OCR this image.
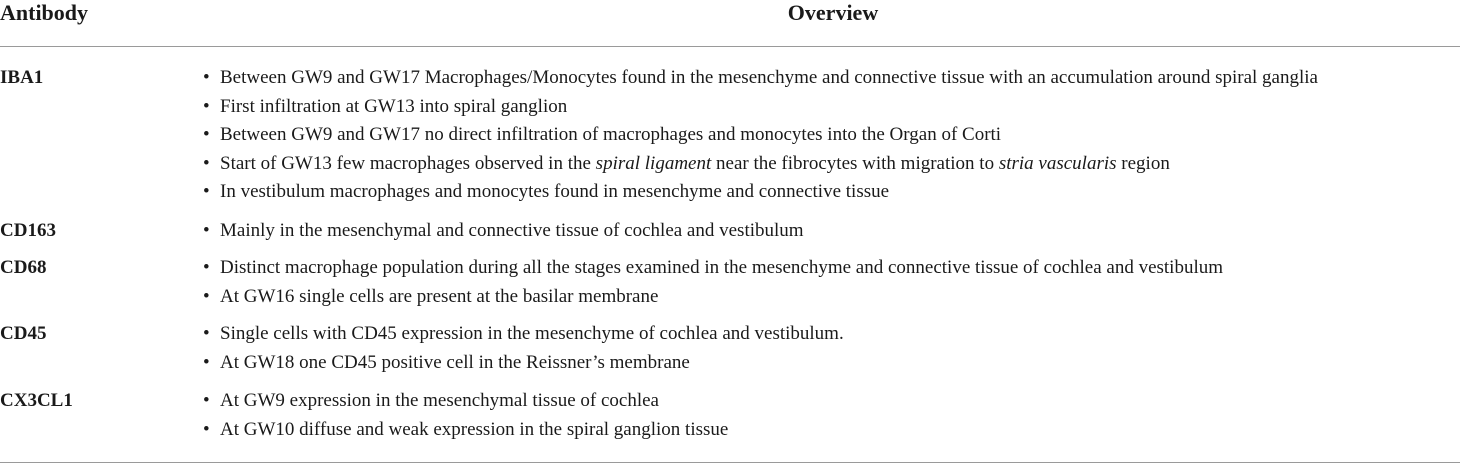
Antibody	Overview
IBA1	• Between GW9 and GW17 Macrophages/Monocytes found in the mesenchyme and connective tissue with an accumulation around spiral ganglia
• First infiltration at GW13 into spiral ganglion
• Between GW9 and GW17 no direct infiltration of macrophages and monocytes into the Organ of Corti
• Start of GW13 few macrophages observed in the spiral ligament near the fibrocytes with migration to stria vascularis region
• In vestibulum macrophages and monocytes found in mesenchyme and connective tissue
CD163	• Mainly in the mesenchymal and connective tissue of cochlea and vestibulum
CD68	• Distinct macrophage population during all the stages examined in the mesenchyme and connective tissue of cochlea and vestibulum
• At GW16 single cells are present at the basilar membrane
CD45	• Single cells with CD45 expression in the mesenchyme of cochlea and vestibulum.
• At GW18 one CD45 positive cell in the Reissner’s membrane
CX3CL1	• At GW9 expression in the mesenchymal tissue of cochlea
• At GW10 diffuse and weak expression in the spiral ganglion tissue
